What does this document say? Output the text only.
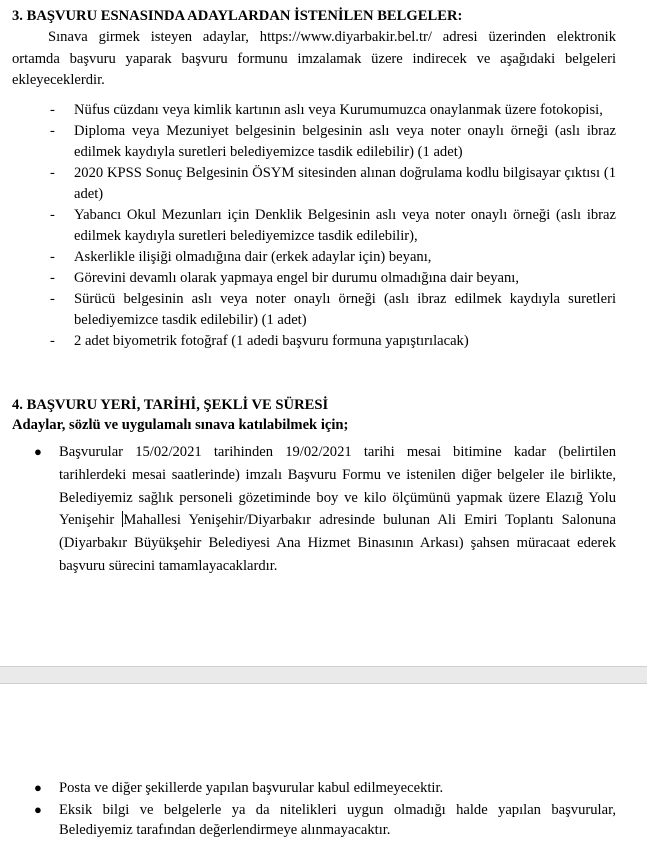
3. BAŞVURU ESNASINDA ADAYLARDAN İSTENİLEN BELGELER:
Sınava girmek isteyen adaylar, https://www.diyarbakir.bel.tr/ adresi üzerinden elektronik ortamda başvuru yaparak başvuru formunu imzalamak üzere indirecek ve aşağıdaki belgeleri ekleyeceklerdir.
- Nüfus cüzdanı veya kimlik kartının aslı veya Kurumumuzca onaylanmak üzere fotokopisi,
- Diploma veya Mezuniyet belgesinin belgesinin aslı veya noter onaylı örneği (aslı ibraz edilmek kaydıyla suretleri belediyemizce tasdik edilebilir) (1 adet)
- 2020 KPSS Sonuç Belgesinin ÖSYM sitesinden alınan doğrulama kodlu bilgisayar çıktısı (1 adet)
- Yabancı Okul Mezunları için Denklik Belgesinin aslı veya noter onaylı örneği (aslı ibraz edilmek kaydıyla suretleri belediyemizce tasdik edilebilir),
- Askerlikle ilişiği olmadığına dair (erkek adaylar için) beyanı,
- Görevini devamlı olarak yapmaya engel bir durumu olmadığına dair beyanı,
- Sürücü belgesinin aslı veya noter onaylı örneği (aslı ibraz edilmek kaydıyla suretleri belediyemizce tasdik edilebilir) (1 adet)
- 2 adet biyometrik fotoğraf (1 adedi başvuru formuna yapıştırılacak)
4. BAŞVURU YERİ, TARİHİ, ŞEKLİ VE SÜRESİ
Adaylar, sözlü ve uygulamalı sınava katılabilmek için;
● Başvurular 15/02/2021 tarihinden 19/02/2021 tarihi mesai bitimine kadar (belirtilen tarihlerdeki mesai saatlerinde) imzalı Başvuru Formu ve istenilen diğer belgeler ile birlikte, Belediyemiz sağlık personeli gözetiminde boy ve kilo ölçümünü yapmak üzere Elazığ Yolu Yenişehir Mahallesi Yenişehir/Diyarbakır adresinde bulunan Ali Emiri Toplantı Salonuna (Diyarbakır Büyükşehir Belediyesi Ana Hizmet Binasının Arkası) şahsen müracaat ederek başvuru sürecini tamamlayacaklardır.
● Posta ve diğer şekillerde yapılan başvurular kabul edilmeyecektir.
● Eksik bilgi ve belgelerle ya da nitelikleri uygun olmadığı halde yapılan başvurular, Belediyemiz tarafından değerlendirmeye alınmayacaktır.
